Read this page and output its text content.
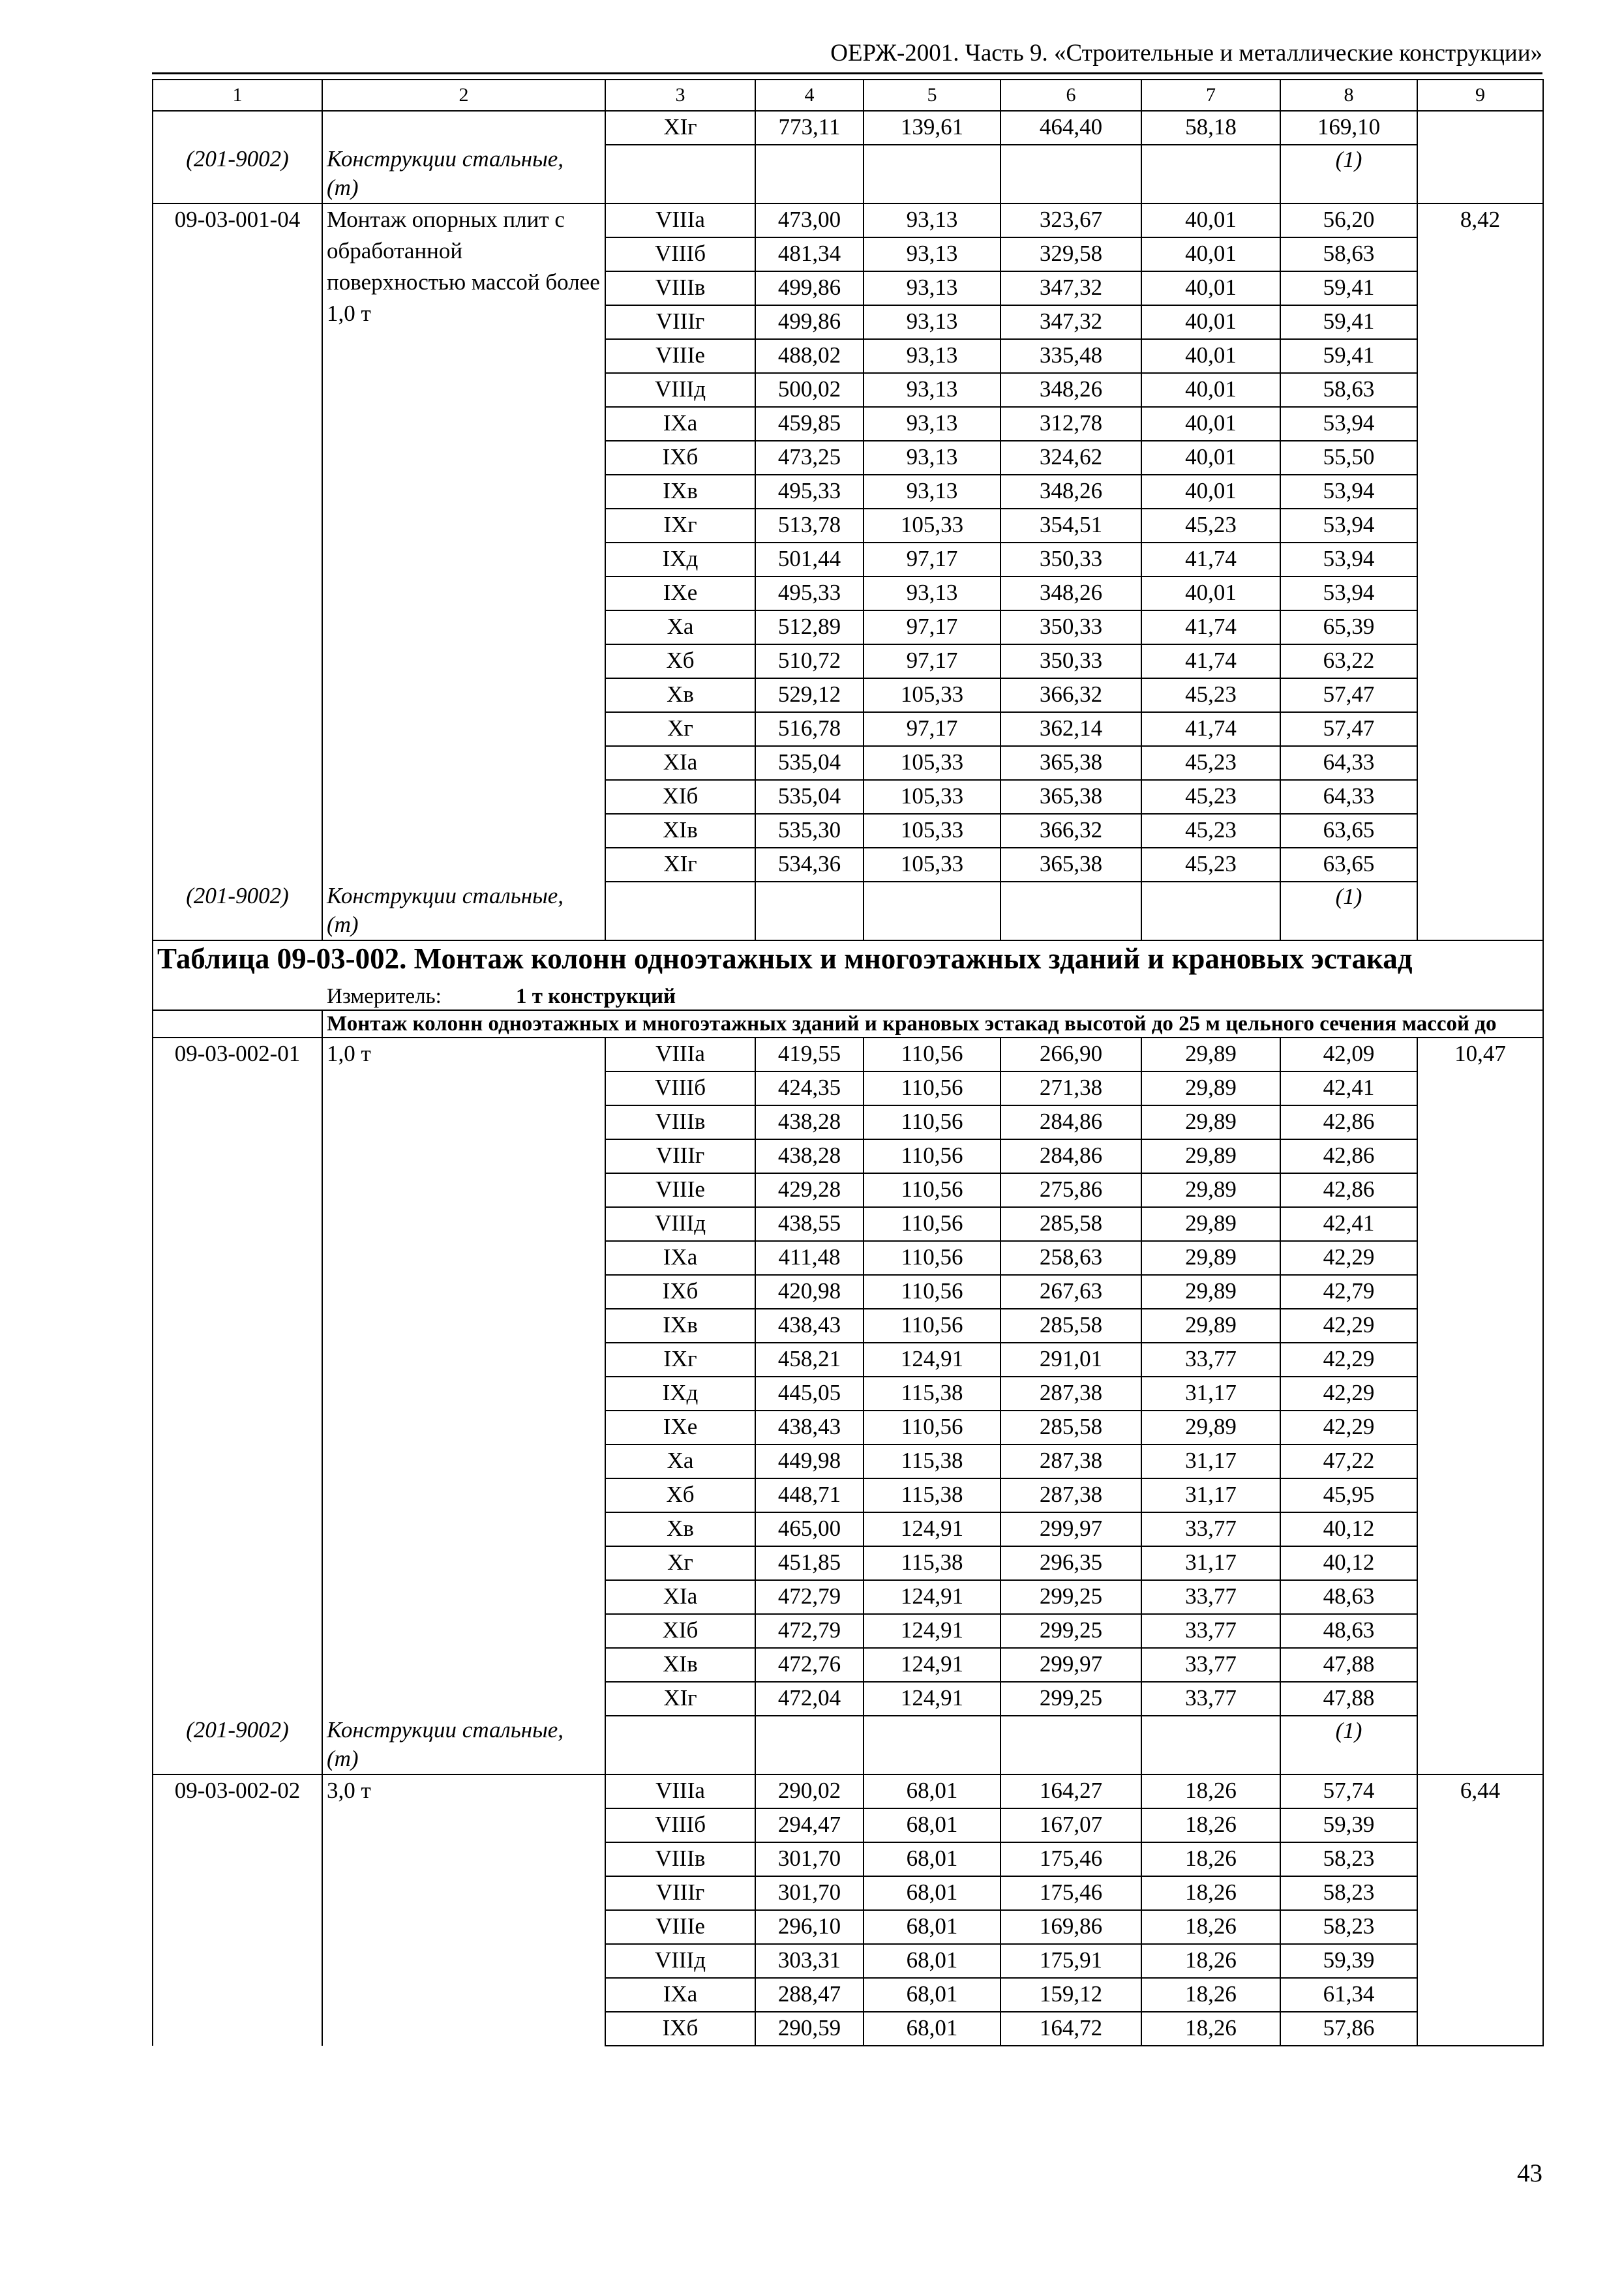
ОЕРЖ-2001. Часть 9. «Строительные и металлические конструкции»
1	2	3	4	5	6	7	8	9
		XIг	773,11	139,61	464,40	58,18	169,10	
(201-9002)	Конструкции стальные, (т)						(1)	
09-03-001-04	Монтаж опорных плит с обработанной поверхностью массой более 1,0 т	VIIIа	473,00	93,13	323,67	40,01	56,20	8,42
		VIIIб	481,34	93,13	329,58	40,01	58,63	
		VIIIв	499,86	93,13	347,32	40,01	59,41	
		VIIIг	499,86	93,13	347,32	40,01	59,41	
		VIIIе	488,02	93,13	335,48	40,01	59,41	
		VIIIд	500,02	93,13	348,26	40,01	58,63	
		IXа	459,85	93,13	312,78	40,01	53,94	
		IXб	473,25	93,13	324,62	40,01	55,50	
		IXв	495,33	93,13	348,26	40,01	53,94	
		IXг	513,78	105,33	354,51	45,23	53,94	
		IXд	501,44	97,17	350,33	41,74	53,94	
		IXе	495,33	93,13	348,26	40,01	53,94	
		Xа	512,89	97,17	350,33	41,74	65,39	
		Xб	510,72	97,17	350,33	41,74	63,22	
		Xв	529,12	105,33	366,32	45,23	57,47	
		Xг	516,78	97,17	362,14	41,74	57,47	
		XIа	535,04	105,33	365,38	45,23	64,33	
		XIб	535,04	105,33	365,38	45,23	64,33	
		XIв	535,30	105,33	366,32	45,23	63,65	
		XIг	534,36	105,33	365,38	45,23	63,65	
(201-9002)	Конструкции стальные, (т)						(1)	

Таблица 09-03-002. Монтаж колонн одноэтажных и многоэтажных зданий и крановых эстакад
Измеритель: 1 т конструкций								

	Монтаж колонн одноэтажных и многоэтажных зданий и крановых эстакад высотой до 25 м цельного сечения массой до							
09-03-002-01	1,0 т	VIIIа	419,55	110,56	266,90	29,89	42,09	10,47
		VIIIб	424,35	110,56	271,38	29,89	42,41	
		VIIIв	438,28	110,56	284,86	29,89	42,86	
		VIIIг	438,28	110,56	284,86	29,89	42,86	
		VIIIе	429,28	110,56	275,86	29,89	42,86	
		VIIIд	438,55	110,56	285,58	29,89	42,41	
		IXа	411,48	110,56	258,63	29,89	42,29	
		IXб	420,98	110,56	267,63	29,89	42,79	
		IXв	438,43	110,56	285,58	29,89	42,29	
		IXг	458,21	124,91	291,01	33,77	42,29	
		IXд	445,05	115,38	287,38	31,17	42,29	
		IXе	438,43	110,56	285,58	29,89	42,29	
		Xа	449,98	115,38	287,38	31,17	47,22	
		Xб	448,71	115,38	287,38	31,17	45,95	
		Xв	465,00	124,91	299,97	33,77	40,12	
		Xг	451,85	115,38	296,35	31,17	40,12	
		XIа	472,79	124,91	299,25	33,77	48,63	
		XIб	472,79	124,91	299,25	33,77	48,63	
		XIв	472,76	124,91	299,97	33,77	47,88	
		XIг	472,04	124,91	299,25	33,77	47,88	
(201-9002)	Конструкции стальные, (т)						(1)	
09-03-002-02	3,0 т	VIIIа	290,02	68,01	164,27	18,26	57,74	6,44
		VIIIб	294,47	68,01	167,07	18,26	59,39	
		VIIIв	301,70	68,01	175,46	18,26	58,23	
		VIIIг	301,70	68,01	175,46	18,26	58,23	
		VIIIе	296,10	68,01	169,86	18,26	58,23	
		VIIIд	303,31	68,01	175,91	18,26	59,39	
		IXа	288,47	68,01	159,12	18,26	61,34	
		IXб	290,59	68,01	164,72	18,26	57,86	
43
